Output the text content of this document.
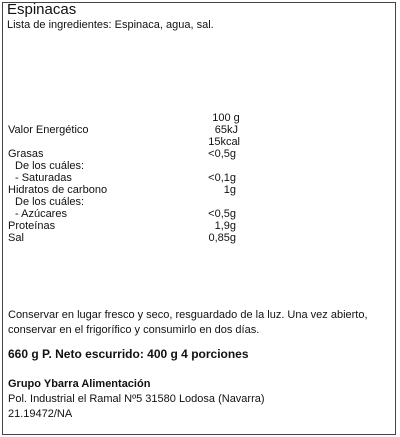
Espinacas
Lista de ingredientes: Espinaca, agua, sal.
100 g
Valor Energético	65kJ
15kcal
Grasas	<0,5g
De los cuáles:
- Saturadas	<0,1g
Hidratos de carbono	1g
De los cuáles:
- Azúcares	<0,5g
Proteínas	1,9g
Sal	0,85g
Conservar en lugar fresco y seco, resguardado de la luz. Una vez abierto,
conservar en el frigorífico y consumirlo en dos días.
660 g P. Neto escurrido: 400 g 4 porciones
Grupo Ybarra Alimentación
Pol. Industrial el Ramal Nº5 31580 Lodosa (Navarra)
21.19472/NA
